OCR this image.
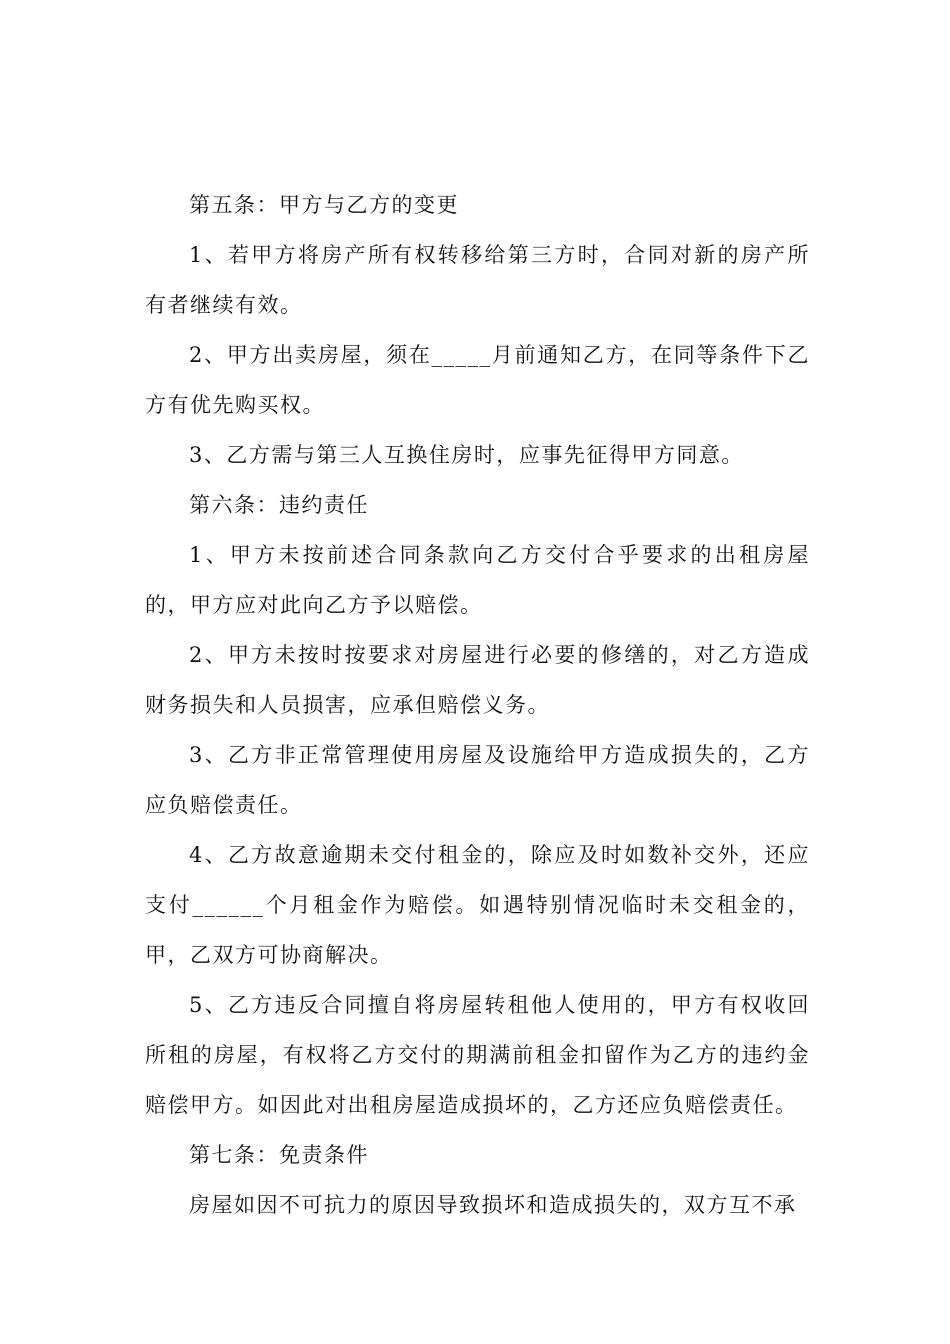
第五条：甲方与乙方的变更

1、若甲方将房产所有权转移给第三方时，合同对新的房产所有者继续有效。

2、甲方出卖房屋，须在_____月前通知乙方，在同等条件下乙方有优先购买权。

3、乙方需与第三人互换住房时，应事先征得甲方同意。

第六条：违约责任

1、甲方未按前述合同条款向乙方交付合乎要求的出租房屋的，甲方应对此向乙方予以赔偿。

2、甲方未按时按要求对房屋进行必要的修缮的，对乙方造成财务损失和人员损害，应承但赔偿义务。

3、乙方非正常管理使用房屋及设施给甲方造成损失的，乙方应负赔偿责任。

4、乙方故意逾期未交付租金的，除应及时如数补交外，还应支付______个月租金作为赔偿。如遇特别情况临时未交租金的，甲，乙双方可协商解决。

5、乙方违反合同擅自将房屋转租他人使用的，甲方有权收回所租的房屋，有权将乙方交付的期满前租金扣留作为乙方的违约金赔偿甲方。如因此对出租房屋造成损坏的，乙方还应负赔偿责任。

第七条：免责条件

房屋如因不可抗力的原因导致损坏和造成损失的，双方互不承
